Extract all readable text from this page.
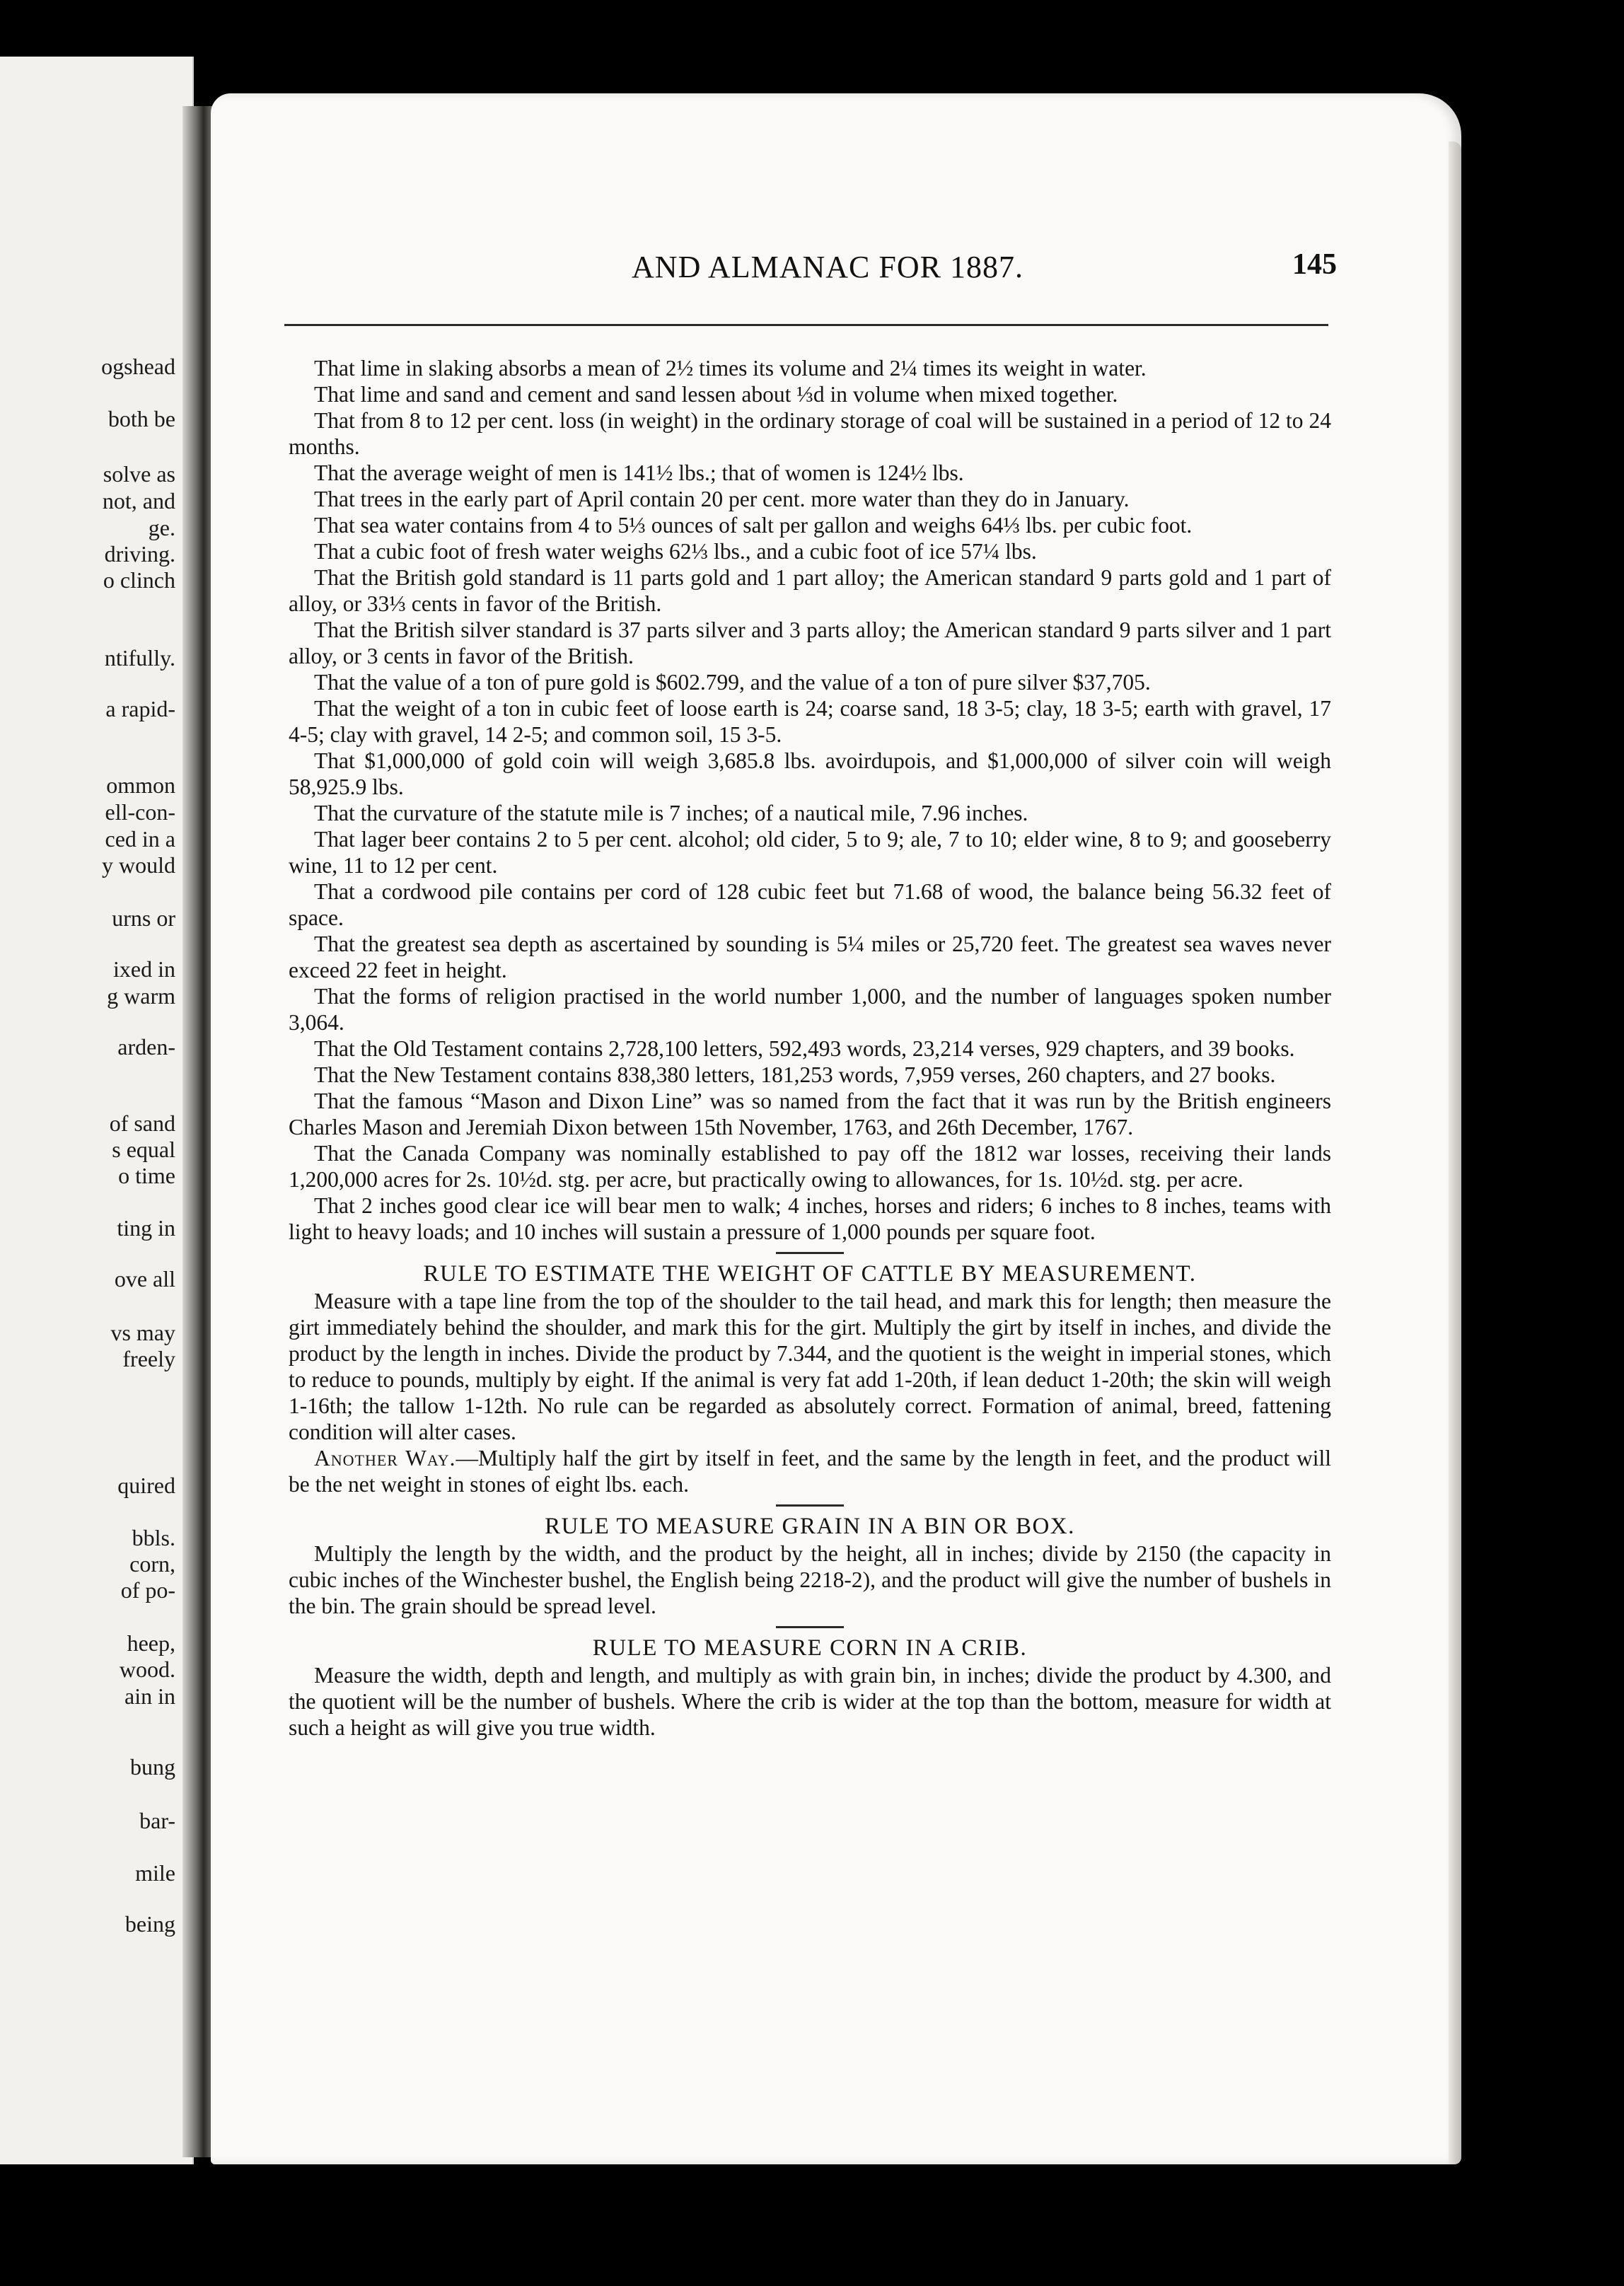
ogshead
both be
solve as
not, and
ge.
driving.
o clinch
ntifully.
a rapid-
ommon
ell-con-
ced in a
y would
urns or
ixed in
g warm
arden-
of sand
s equal
o time
ting in
ove all
vs may
freely
quired
bbls.
corn,
of po-
heep,
wood.
ain in
bung
bar-
mile
being
AND ALMANAC FOR 1887.	145

That lime in slaking absorbs a mean of 2½ times its volume and 2¼ times its weight in water.

That lime and sand and cement and sand lessen about ⅓d in volume when mixed together.

That from 8 to 12 per cent. loss (in weight) in the ordinary storage of coal will be sustained in a period of 12 to 24 months.

That the average weight of men is 141½ lbs.; that of women is 124½ lbs.

That trees in the early part of April contain 20 per cent. more water than they do in January.

That sea water contains from 4 to 5⅓ ounces of salt per gallon and weighs 64⅓ lbs. per cubic foot.

That a cubic foot of fresh water weighs 62⅓ lbs., and a cubic foot of ice 57¼ lbs.

That the British gold standard is 11 parts gold and 1 part alloy; the American standard 9 parts gold and 1 part of alloy, or 33⅓ cents in favor of the British.

That the British silver standard is 37 parts silver and 3 parts alloy; the American standard 9 parts silver and 1 part alloy, or 3 cents in favor of the British.

That the value of a ton of pure gold is $602.799, and the value of a ton of pure silver $37,705.

That the weight of a ton in cubic feet of loose earth is 24; coarse sand, 18 3-5; clay, 18 3-5; earth with gravel, 17 4-5; clay with gravel, 14 2-5; and common soil, 15 3-5.

That $1,000,000 of gold coin will weigh 3,685.8 lbs. avoirdupois, and $1,000,000 of silver coin will weigh 58,925.9 lbs.

That the curvature of the statute mile is 7 inches; of a nautical mile, 7.96 inches.

That lager beer contains 2 to 5 per cent. alcohol; old cider, 5 to 9; ale, 7 to 10; elder wine, 8 to 9; and gooseberry wine, 11 to 12 per cent.

That a cordwood pile contains per cord of 128 cubic feet but 71.68 of wood, the balance being 56.32 feet of space.

That the greatest sea depth as ascertained by sounding is 5¼ miles or 25,720 feet. The greatest sea waves never exceed 22 feet in height.

That the forms of religion practised in the world number 1,000, and the number of languages spoken number 3,064.

That the Old Testament contains 2,728,100 letters, 592,493 words, 23,214 verses, 929 chapters, and 39 books.

That the New Testament contains 838,380 letters, 181,253 words, 7,959 verses, 260 chapters, and 27 books.

That the famous “Mason and Dixon Line” was so named from the fact that it was run by the British engineers Charles Mason and Jeremiah Dixon between 15th November, 1763, and 26th December, 1767.

That the Canada Company was nominally established to pay off the 1812 war losses, receiving their lands 1,200,000 acres for 2s. 10½d. stg. per acre, but practically owing to allowances, for 1s. 10½d. stg. per acre.

That 2 inches good clear ice will bear men to walk; 4 inches, horses and riders; 6 inches to 8 inches, teams with light to heavy loads; and 10 inches will sustain a pressure of 1,000 pounds per square foot.

RULE TO ESTIMATE THE WEIGHT OF CATTLE BY MEASUREMENT.

Measure with a tape line from the top of the shoulder to the tail head, and mark this for length; then measure the girt immediately behind the shoulder, and mark this for the girt. Multiply the girt by itself in inches, and divide the product by the length in inches. Divide the product by 7.344, and the quotient is the weight in imperial stones, which to reduce to pounds, multiply by eight. If the animal is very fat add 1-20th, if lean deduct 1-20th; the skin will weigh 1-16th; the tallow 1-12th. No rule can be regarded as absolutely correct. Formation of animal, breed, fattening condition will alter cases.

Another Way.—Multiply half the girt by itself in feet, and the same by the length in feet, and the product will be the net weight in stones of eight lbs. each.

RULE TO MEASURE GRAIN IN A BIN OR BOX.

Multiply the length by the width, and the product by the height, all in inches; divide by 2150 (the capacity in cubic inches of the Winchester bushel, the English being 2218-2), and the product will give the number of bushels in the bin. The grain should be spread level.

RULE TO MEASURE CORN IN A CRIB.

Measure the width, depth and length, and multiply as with grain bin, in inches; divide the product by 4.300, and the quotient will be the number of bushels. Where the crib is wider at the top than the bottom, measure for width at such a height as will give you true width.
